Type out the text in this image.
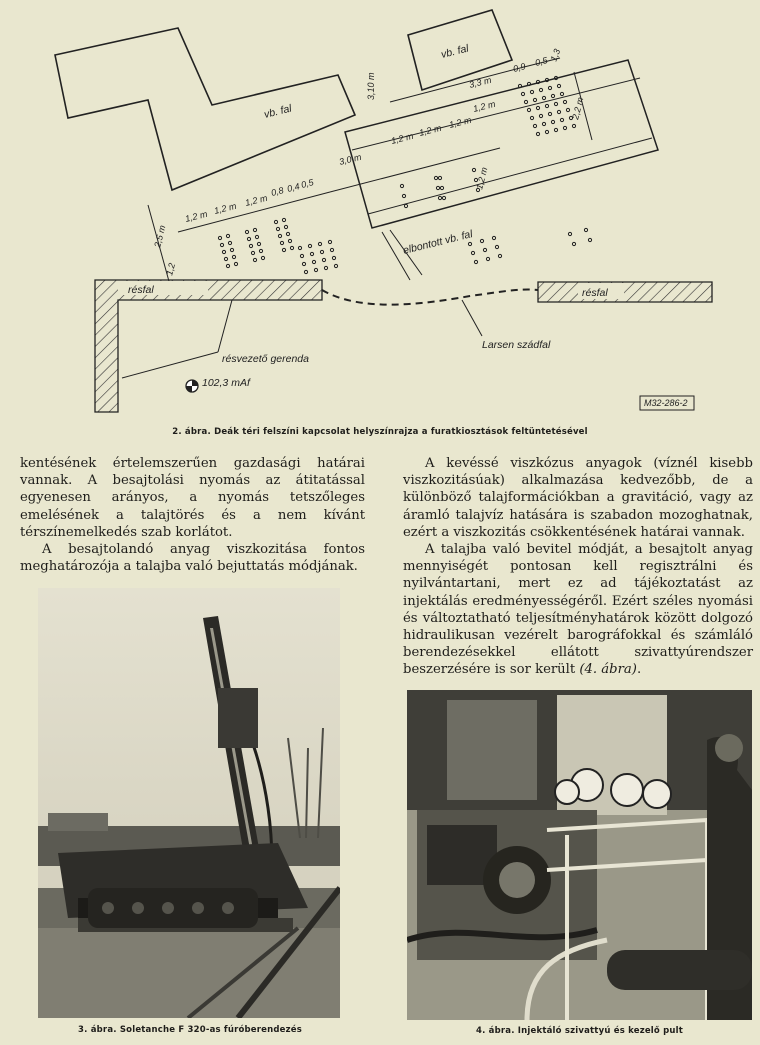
vb. fal
vb. fal
elbontott vb. fal
3,10 m
1,2 m
1,2 m
1,2 m
0,8 0,4 0,5
3,0 m
1,2 m
1,2 m
1,2 m
1,2 m
3,3 m
0,9 0,5 1,3
2,2 m
1,2 m
2,5 m
1,2
résfal	résfal
Larsen szádfal
résvezető gerenda
102,3 mAf
M32-286-2
2. ábra. Deák téri felszíni kapcsolat helyszínrajza a furatkiosztások feltüntetésével

kentésének értelemszerűen gazdasági határai vannak. A besajtolási nyomás az átitatással egyenesen arányos, a nyomás tetszőleges emelésének a talajtörés és a nem kívánt térszínemelkedés szab korlátot.

A besajtolandó anyag viszkozitása fontos meghatározója a talajba való bejuttatás módjának.

A kevéssé viszkózus anyagok (víznél kisebb viszkozitásúak) alkalmazása kedvezőbb, de a különböző talajformációkban a gravitáció, vagy az áramló talajvíz hatására is szabadon mozoghatnak, ezért a viszkozitás csökkentésének határai vannak.

A talajba való bevitel módját, a besajtolt anyag mennyiségét pontosan kell regisztrálni és nyilvántartani, mert ez ad tájékoztatást az injektálás eredményességéről. Ezért széles nyomási és változtatható teljesítményhatárok között dolgozó hidraulikusan vezérelt barográfokkal és számláló berendezésekkel ellátott szivattyúrendszer beszerzésére is sor került (4. ábra).

3. ábra. Soletanche F 320-as fúróberendezés	4. ábra. Injektáló szivattyú és kezelő pult
